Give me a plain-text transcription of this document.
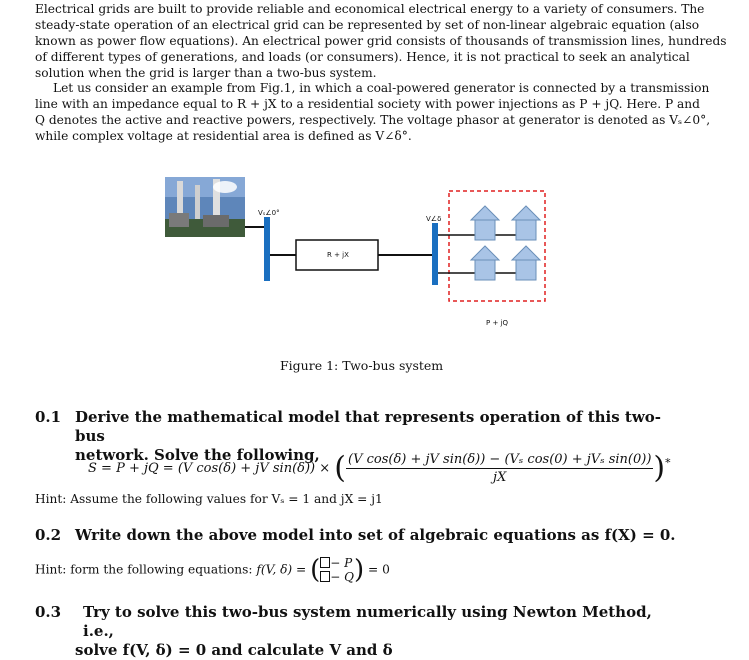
Electrical grids are built to provide reliable and economical electrical energy to a variety of consumers. The
steady-state operation of an electrical grid can be represented by set of non-linear algebraic equation (also
known as power flow equations). An electrical power grid consists of thousands of transmission lines, hundreds
of different types of generations, and loads (or consumers). Hence, it is not practical to seek an analytical
solution when the grid is larger than a two-bus system.
Let us consider an example from Fig.1, in which a coal-powered generator is connected by a transmission
line with an impedance equal to R + jX to a residential society with power injections as P + jQ. Here. P and
Q denotes the active and reactive powers, respectively. The voltage phasor at generator is denoted as Vₛ∠0°,
while complex voltage at residential area is defined as V∠δ°.
Vₛ∠0°
R + jX
V∠δ
P + jQ
Figure 1: Two-bus system
0.1 Derive the mathematical model that represents operation of this two-bus
network. Solve the following,
S = P + jQ = (V cos(δ) + jV sin(δ)) × ( $\frac{\text{(V cos(δ) + jV sin(δ)) − (Vₛ cos(0) + jVₛ sin(0))}}{jX} )^*$
Hint: Assume the following values for Vₛ = 1 and jX = j1
0.2 Write down the above model into set of algebraic equations as f(X) = 0.
Hint: form the following equations: f(V, δ) = ( − P
− Q ) = 0
0.3	Try to solve this two-bus system numerically using Newton Method, i.e.,
solve f(V, δ) = 0 and calculate V and δ
